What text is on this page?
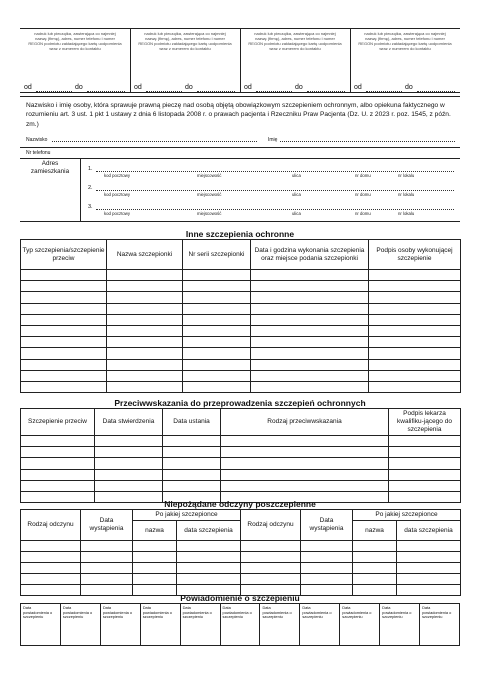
nadruk lub pieczątka, zawierająca co najmniej nazwę (firmę), adres, numer telefonu i numer REGON podmiotu zakładającego kartę uodpornienia wraz z numerem do kontaktu
od	do
nadruk lub pieczątka, zawierająca co najmniej nazwę (firmę), adres, numer telefonu i numer REGON podmiotu zakładającego kartę uodpornienia wraz z numerem do kontaktu
od	do
nadruk lub pieczątka, zawierająca co najmniej nazwę (firmę), adres, numer telefonu i numer REGON podmiotu zakładającego kartę uodpornienia wraz z numerem do kontaktu
od	do
nadruk lub pieczątka, zawierająca co najmniej nazwę (firmę), adres, numer telefonu i numer REGON podmiotu zakładającego kartę uodpornienia wraz z numerem do kontaktu
od	do
Nazwisko i imię osoby, która sprawuje prawną pieczę nad osobą objętą obowiązkowym szczepieniem ochronnym, albo opiekuna faktycznego w rozumieniu art. 3 ust. 1 pkt 1 ustawy z dnia 6 listopada 2008 r. o prawach pacjenta i Rzeczniku Praw Pacjenta (Dz. U. z 2023 r. poz. 1545, z późn. zm.)
Nazwisko	Imię
Nr telefonu
Adres zamieszkania	1.
kod pocztowy	miejscowość	ulica	nr domu	nr lokalu
2.
kod pocztowy	miejscowość	ulica	nr domu	nr lokalu
3.
kod pocztowy	miejscowość	ulica	nr domu	nr lokalu
Inne szczepienia ochronne
Typ szczepienia/szczepienie przeciw	Nazwa szczepionki	Nr serii szczepionki	Data i godzina wykonania szczepienia oraz miejsce podania szczepionki	Podpis osoby wykonującej szczepienie

Przeciwwskazania do przeprowadzenia szczepień ochronnych
Szczepienie przeciw	Data stwierdzenia	Data ustania	Rodzaj przeciwwskazania	Podpis lekarza kwalifiku-jącego do szczepienia

Niepożądane odczyny poszczepienne
Rodzaj odczynu	Data wystąpienia	Po jakiej szczepionce		Rodzaj odczynu	Data wystąpienia	Po jakiej szczepionce	
		nazwa	data szczepienia			nazwa	data szczepienia

Powiadomienie o szczepieniu
Data powiadomienia o szczepieniu	Data powiadomienia o szczepieniu	Data powiadomienia o szczepieniu	Data powiadomienia o szczepieniu	Data powiadomienia o szczepieniu	Data powiadomienia o szczepieniu	Data powiadomienia o szczepieniu	Data powiadomienia o szczepieniu	Data powiadomienia o szczepieniu	Data powiadomienia o szczepieniu	Data powiadomienia o szczepieniu
